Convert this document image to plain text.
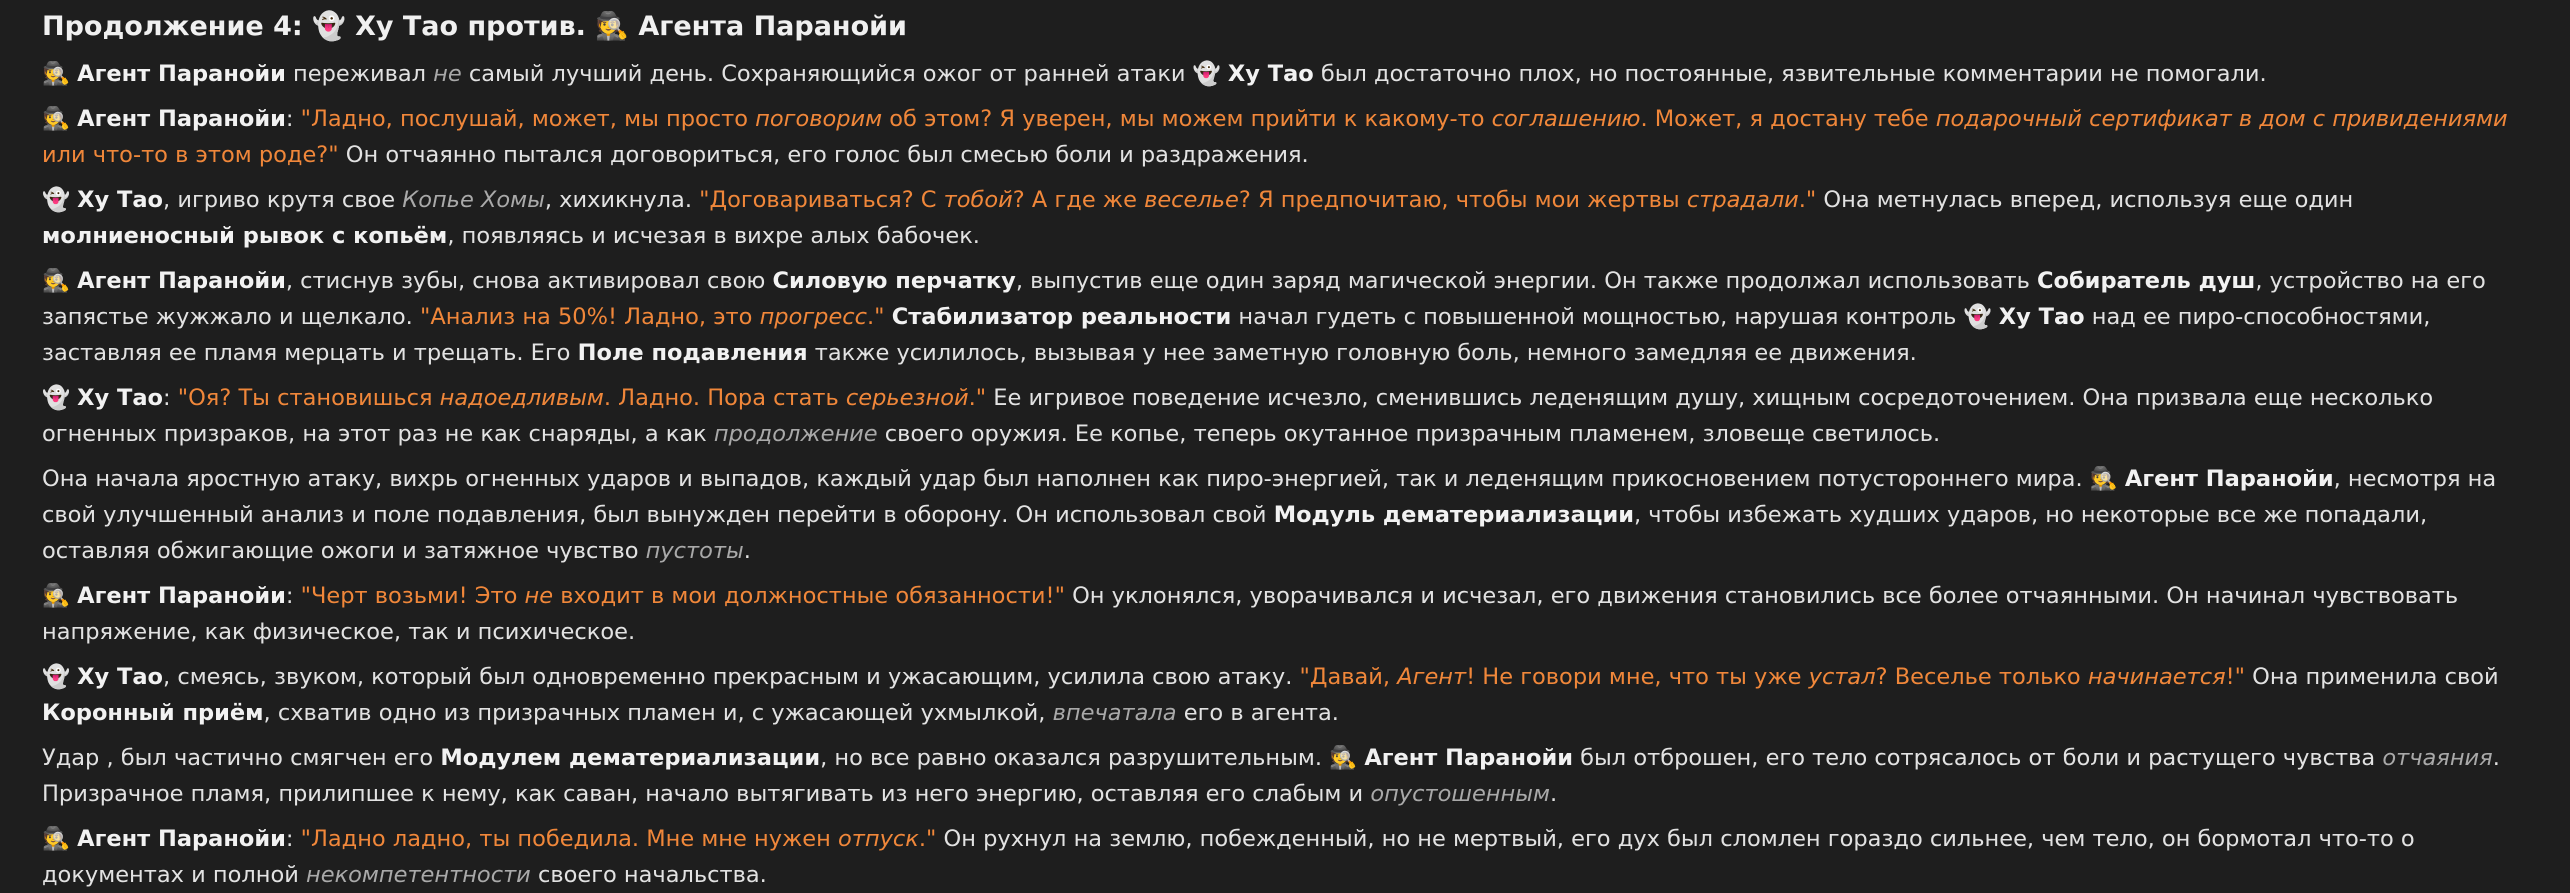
Продолжение 4: 👻 Ху Тао против. 🕵️ Агента Паранойи

🕵️ Агент Паранойи переживал не самый лучший день. Сохраняющийся ожог от ранней атаки 👻 Ху Тао был достаточно плох, но постоянные, язвительные комментарии не помогали.

🕵️ Агент Паранойи: "Ладно, послушай, может, мы просто поговорим об этом? Я уверен, мы можем прийти к какому-то соглашению. Может, я достану тебе подарочный сертификат в дом с привидениями или что-то в этом роде?" Он отчаянно пытался договориться, его голос был смесью боли и раздражения.

👻 Ху Тао, игриво крутя свое Копье Хомы, хихикнула. "Договариваться? С тобой? А где же веселье? Я предпочитаю, чтобы мои жертвы страдали." Она метнулась вперед, используя еще один молниеносный рывок с копьём, появляясь и исчезая в вихре алых бабочек.

🕵️ Агент Паранойи, стиснув зубы, снова активировал свою Силовую перчатку, выпустив еще один заряд магической энергии. Он также продолжал использовать Собиратель душ, устройство на его запястье жужжало и щелкало. "Анализ на 50%! Ладно, это прогресс." Стабилизатор реальности начал гудеть с повышенной мощностью, нарушая контроль 👻 Ху Тао над ее пиро-способностями, заставляя ее пламя мерцать и трещать. Его Поле подавления также усилилось, вызывая у нее заметную головную боль, немного замедляя ее движения.

👻 Ху Тао: "Оя? Ты становишься надоедливым. Ладно. Пора стать серьезной." Ее игривое поведение исчезло, сменившись леденящим душу, хищным сосредоточением. Она призвала еще несколько огненных призраков, на этот раз не как снаряды, а как продолжение своего оружия. Ее копье, теперь окутанное призрачным пламенем, зловеще светилось.

Она начала яростную атаку, вихрь огненных ударов и выпадов, каждый удар был наполнен как пиро-энергией, так и леденящим прикосновением потустороннего мира. 🕵️ Агент Паранойи, несмотря на свой улучшенный анализ и поле подавления, был вынужден перейти в оборону. Он использовал свой Модуль дематериализации, чтобы избежать худших ударов, но некоторые все же попадали, оставляя обжигающие ожоги и затяжное чувство пустоты.

🕵️ Агент Паранойи: "Черт возьми! Это не входит в мои должностные обязанности!" Он уклонялся, уворачивался и исчезал, его движения становились все более отчаянными. Он начинал чувствовать напряжение, как физическое, так и психическое.

👻 Ху Тао, смеясь, звуком, который был одновременно прекрасным и ужасающим, усилила свою атаку. "Давай, Агент! Не говори мне, что ты уже устал? Веселье только начинается!" Она применила свой Коронный приём, схватив одно из призрачных пламен и, с ужасающей ухмылкой, впечатала его в агента.

Удар , был частично смягчен его Модулем дематериализации, но все равно оказался разрушительным. 🕵️ Агент Паранойи был отброшен, его тело сотрясалось от боли и растущего чувства отчаяния. Призрачное пламя, прилипшее к нему, как саван, начало вытягивать из него энергию, оставляя его слабым и опустошенным.

🕵️ Агент Паранойи: "Ладно ладно, ты победила. Мне мне нужен отпуск." Он рухнул на землю, побежденный, но не мертвый, его дух был сломлен гораздо сильнее, чем тело, он бормотал что-то о документах и полной некомпетентности своего начальства.
